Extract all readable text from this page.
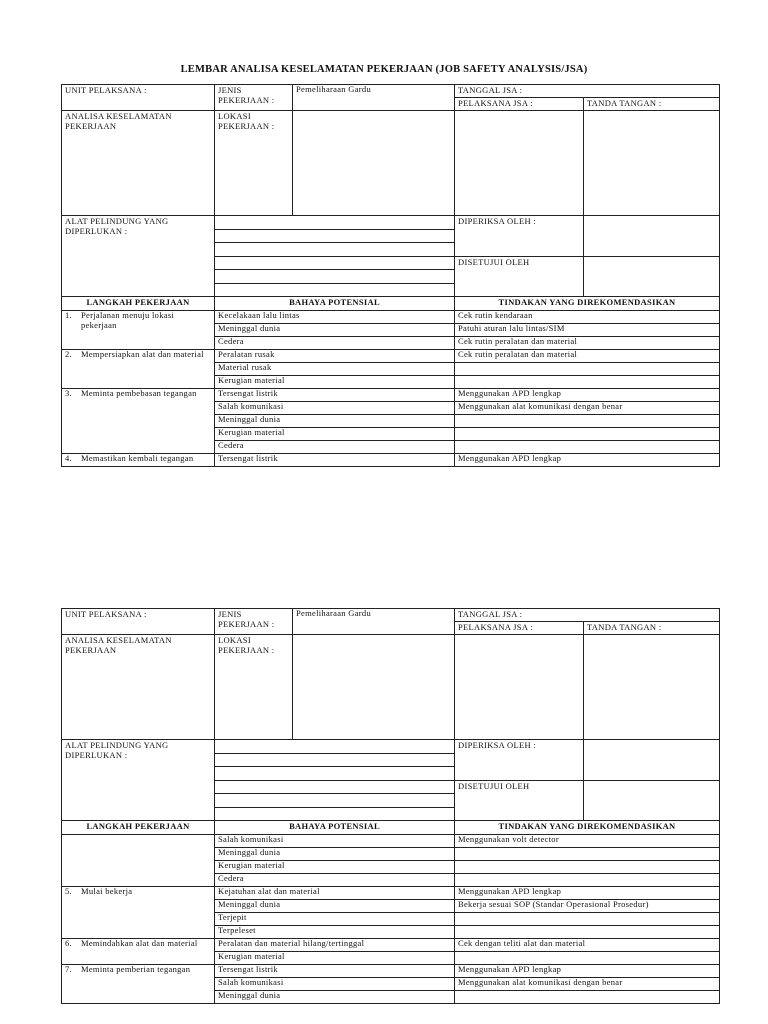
LEMBAR ANALISA KESELAMATAN PEKERJAAN (JOB SAFETY ANALYSIS/JSA)
UNIT PELAKSANA :	JENIS PEKERJAAN :	Pemeliharaan Gardu	TANGGAL JSA :	
			PELAKSANA JSA :	TANDA TANGAN :
ANALISA KESELAMATAN PEKERJAAN	LOKASI PEKERJAAN :			
ALAT PELINDUNG YANG DIPERLUKAN :			DIPERIKSA OLEH :	

			DISETUJUI OLEH	

LANGKAH PEKERJAAN	BAHAYA POTENSIAL		TINDAKAN YANG DIREKOMENDASIKAN	

1. Perjalanan menuju lokasi pekerjaan	Kecelakaan lalu lintas		Cek rutin kendaraan	
	Meninggal dunia		Patuhi aturan lalu lintas/SIM	
	Cedera		Cek rutin peralatan dan material	

2. Mempersiapkan alat dan material	Peralatan rusak		Cek rutin peralatan dan material	
	Material rusak			
	Kerugian material			

3. Meminta pembebasan tegangan	Tersengat listrik		Menggunakan APD lengkap	
	Salah komunikasi		Menggunakan alat komunikasi dengan benar	
	Meninggal dunia			
	Kerugian material			
	Cedera			

4. Memastikan kembali tegangan	Tersengat listrik		Menggunakan APD lengkap	
UNIT PELAKSANA :	JENIS PEKERJAAN :	Pemeliharaan Gardu	TANGGAL JSA :	
			PELAKSANA JSA :	TANDA TANGAN :
ANALISA KESELAMATAN PEKERJAAN	LOKASI PEKERJAAN :			
ALAT PELINDUNG YANG DIPERLUKAN :			DIPERIKSA OLEH :	

			DISETUJUI OLEH	

LANGKAH PEKERJAAN	BAHAYA POTENSIAL		TINDAKAN YANG DIREKOMENDASIKAN	

	Salah komunikasi		Menggunakan volt detector	
	Meninggal dunia			
	Kerugian material			
	Cedera			

5. Mulai bekerja	Kejatuhan alat dan material		Menggunakan APD lengkap	
	Meninggal dunia		Bekerja sesuai SOP (Standar Operasional Prosedur)	
	Terjepit			
	Terpeleset			

6. Memindahkan alat dan material	Peralatan dan material hilang/tertinggal		Cek dengan teliti alat dan material	
	Kerugian material			

7. Meminta pemberian tegangan	Tersengat listrik		Menggunakan APD lengkap	
	Salah komunikasi		Menggunakan alat komunikasi dengan benar	
	Meninggal dunia			
